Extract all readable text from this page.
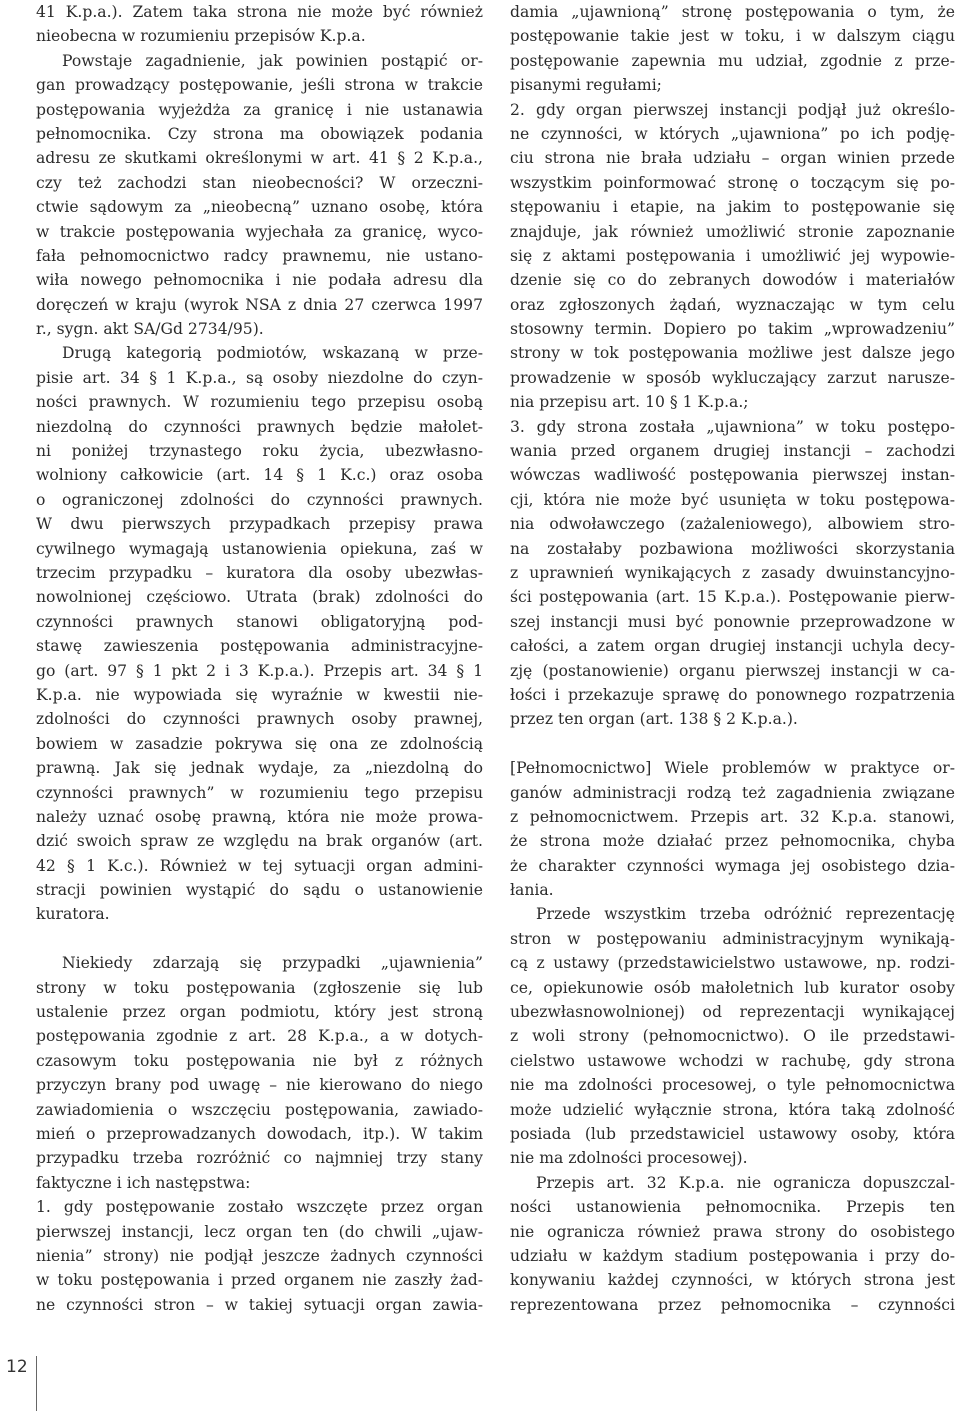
41 K.p.a.). Zatem taka strona nie może być również
nieobecna w rozumieniu przepisów K.p.a.
Powstaje zagadnienie, jak powinien postąpić or-
gan prowadzący postępowanie, jeśli strona w trakcie
postępowania wyjeżdża za granicę i nie ustanawia
pełnomocnika. Czy strona ma obowiązek podania
adresu ze skutkami określonymi w art. 41 § 2 K.p.a.,
czy też zachodzi stan nieobecności? W orzeczni-
ctwie sądowym za „nieobecną” uznano osobę, która
w trakcie postępowania wyjechała za granicę, wyco-
fała pełnomocnictwo radcy prawnemu, nie ustano-
wiła nowego pełnomocnika i nie podała adresu dla
doręczeń w kraju (wyrok NSA z dnia 27 czerwca 1997
r., sygn. akt SA/Gd 2734/95).
Drugą kategorią podmiotów, wskazaną w prze-
pisie art. 34 § 1 K.p.a., są osoby niezdolne do czyn-
ności prawnych. W rozumieniu tego przepisu osobą
niezdolną do czynności prawnych będzie małolet-
ni poniżej trzynastego roku życia, ubezwłasno-
wolniony całkowicie (art. 14 § 1 K.c.) oraz osoba
o ograniczonej zdolności do czynności prawnych.
W dwu pierwszych przypadkach przepisy prawa
cywilnego wymagają ustanowienia opiekuna, zaś w
trzecim przypadku – kuratora dla osoby ubezwłas-
nowolnionej częściowo. Utrata (brak) zdolności do
czynności prawnych stanowi obligatoryjną pod-
stawę zawieszenia postępowania administracyjne-
go (art. 97 § 1 pkt 2 i 3 K.p.a.). Przepis art. 34 § 1
K.p.a. nie wypowiada się wyraźnie w kwestii nie-
zdolności do czynności prawnych osoby prawnej,
bowiem w zasadzie pokrywa się ona ze zdolnością
prawną. Jak się jednak wydaje, za „niezdolną do
czynności prawnych” w rozumieniu tego przepisu
należy uznać osobę prawną, która nie może prowa-
dzić swoich spraw ze względu na brak organów (art.
42 § 1 K.c.). Również w tej sytuacji organ admini-
stracji powinien wystąpić do sądu o ustanowienie
kuratora.
Niekiedy zdarzają się przypadki „ujawnienia”
strony w toku postępowania (zgłoszenie się lub
ustalenie przez organ podmiotu, który jest stroną
postępowania zgodnie z art. 28 K.p.a., a w dotych-
czasowym toku postępowania nie był z różnych
przyczyn brany pod uwagę – nie kierowano do niego
zawiadomienia o wszczęciu postępowania, zawiado-
mień o przeprowadzanych dowodach, itp.). W takim
przypadku trzeba rozróżnić co najmniej trzy stany
faktyczne i ich następstwa:
1. gdy postępowanie zostało wszczęte przez organ
pierwszej instancji, lecz organ ten (do chwili „ujaw-
nienia” strony) nie podjął jeszcze żadnych czynności
w toku postępowania i przed organem nie zaszły żad-
ne czynności stron – w takiej sytuacji organ zawia-
damia „ujawnioną” stronę postępowania o tym, że
postępowanie takie jest w toku, i w dalszym ciągu
postępowanie zapewnia mu udział, zgodnie z prze-
pisanymi regułami;
2. gdy organ pierwszej instancji podjął już określo-
ne czynności, w których „ujawniona” po ich podję-
ciu strona nie brała udziału – organ winien przede
wszystkim poinformować stronę o toczącym się po-
stępowaniu i etapie, na jakim to postępowanie się
znajduje, jak również umożliwić stronie zapoznanie
się z aktami postępowania i umożliwić jej wypowie-
dzenie się co do zebranych dowodów i materiałów
oraz zgłoszonych żądań, wyznaczając w tym celu
stosowny termin. Dopiero po takim „wprowadzeniu”
strony w tok postępowania możliwe jest dalsze jego
prowadzenie w sposób wykluczający zarzut narusze-
nia przepisu art. 10 § 1 K.p.a.;
3. gdy strona została „ujawniona” w toku postępo-
wania przed organem drugiej instancji – zachodzi
wówczas wadliwość postępowania pierwszej instan-
cji, która nie może być usunięta w toku postępowa-
nia odwoławczego (zażaleniowego), albowiem stro-
na zostałaby pozbawiona możliwości skorzystania
z uprawnień wynikających z zasady dwuinstancyjno-
ści postępowania (art. 15 K.p.a.). Postępowanie pierw-
szej instancji musi być ponownie przeprowadzone w
całości, a zatem organ drugiej instancji uchyla decy-
zję (postanowienie) organu pierwszej instancji w ca-
łości i przekazuje sprawę do ponownego rozpatrzenia
przez ten organ (art. 138 § 2 K.p.a.).
[Pełnomocnictwo] Wiele problemów w praktyce or-
ganów administracji rodzą też zagadnienia związane
z pełnomocnictwem. Przepis art. 32 K.p.a. stanowi,
że strona może działać przez pełnomocnika, chyba
że charakter czynności wymaga jej osobistego dzia-
łania.
Przede wszystkim trzeba odróżnić reprezentację
stron w postępowaniu administracyjnym wynikają-
cą z ustawy (przedstawicielstwo ustawowe, np. rodzi-
ce, opiekunowie osób małoletnich lub kurator osoby
ubezwłasnowolnionej) od reprezentacji wynikającej
z woli strony (pełnomocnictwo). O ile przedstawi-
cielstwo ustawowe wchodzi w rachubę, gdy strona
nie ma zdolności procesowej, o tyle pełnomocnictwa
może udzielić wyłącznie strona, która taką zdolność
posiada (lub przedstawiciel ustawowy osoby, która
nie ma zdolności procesowej).
Przepis art. 32 K.p.a. nie ogranicza dopuszczal-
ności ustanowienia pełnomocnika. Przepis ten
nie ogranicza również prawa strony do osobistego
udziału w każdym stadium postępowania i przy do-
konywaniu każdej czynności, w których strona jest
reprezentowana przez pełnomocnika – czynności
12
